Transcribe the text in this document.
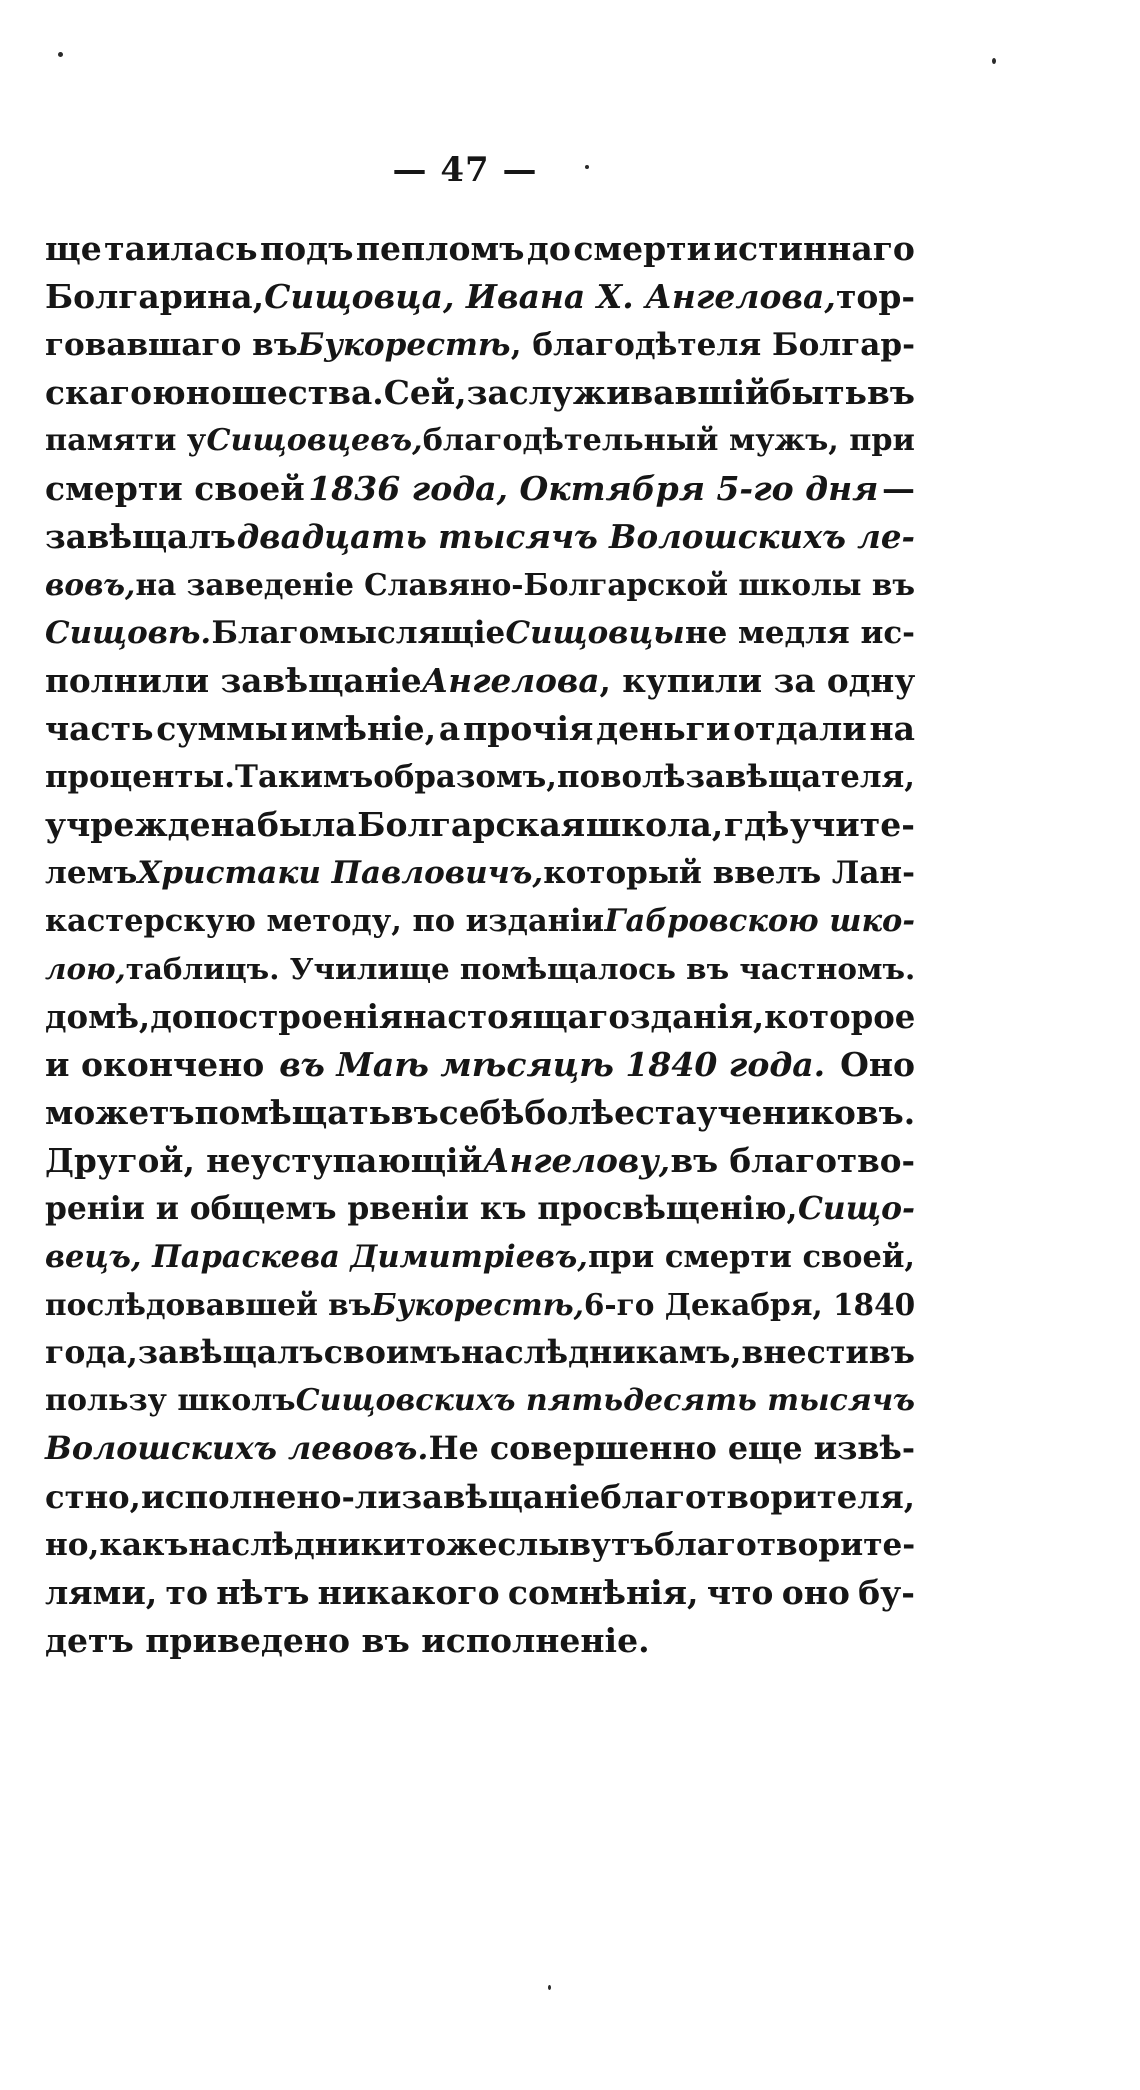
— 47 —
ще таилась подъ пепломъ до смерти истиннаго
Болгарина, Сищовца, Ивана X. Ангелова, тор-
говавшаго въ Букорестѣ , благодѣтеля Болгар-
скаго юношества. Сей, заслуживавшій быть въ
памяти у Сищовцевъ, благодѣтельный мужъ, при
смерти своей 1836 года, Октября 5-го дня —
завѣщалъ двадцать тысячъ Волошскихъ ле-
вовъ, на заведеніе Славяно-Болгарской школы въ
Сищовѣ. Благомыслящіе Сищовцы не медля ис-
полнили завѣщаніе Ангелова , купили за одну
часть суммы имѣніе, а прочія деньги отдали на
проценты. Такимъ образомъ, по волѣ завѣщателя,
учреждена была Болгарская школа, гдѣ учите-
лемъ Христаки Павловичъ, который ввелъ Лан-
кастерскую методу, по изданіи Габровскою шко-
лою, таблицъ. Училище помѣщалось въ частномъ.
домѣ, до построенія настоящаго зданія, которое
и окончено въ Маѣ мѣсяцѣ 1840 года. Оно
можетъ помѣщать въ себѣ болѣе ста учениковъ.
Другой, неуступающій Ангелову, въ благотво-
реніи и общемъ рвеніи къ просвѣщенію, Сищо-
вецъ, Параскева Димитріевъ, при смерти своей,
послѣдовавшей въ Букорестѣ, 6-го Декабря, 1840
года, завѣщалъ своимъ наслѣдникамъ, внести въ
пользу школъ Сищовскихъ пятьдесять тысячъ
Волошскихъ левовъ. Не совершенно еще извѣ-
стно, исполнено-ли завѣщаніе благотворителя,
но, какъ наслѣдники тоже слывутъ благотворите-
лями, то нѣтъ никакого сомнѣнія, что оно бу-
детъ приведено въ исполненіе.
